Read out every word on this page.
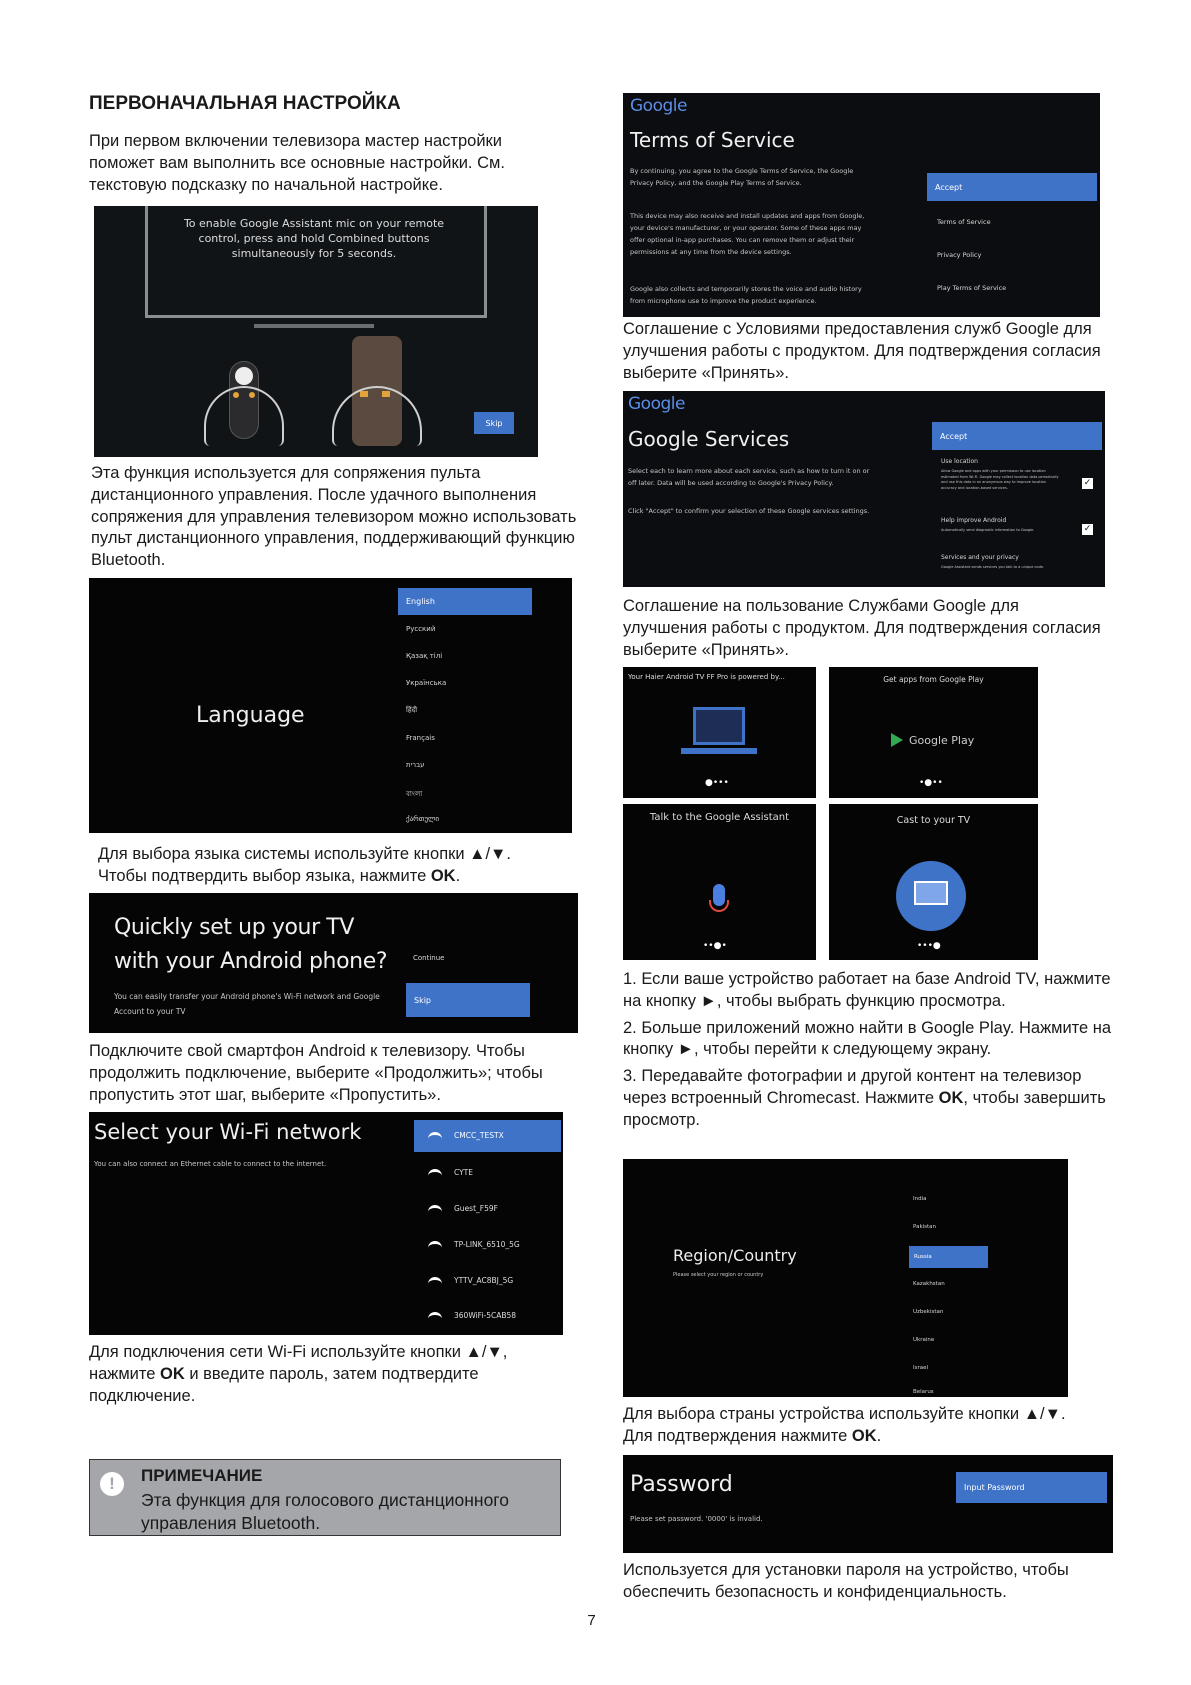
ПЕРВОНАЧАЛЬНАЯ НАСТРОЙКА
При первом включении телевизора мастер настройки поможет вам выполнить все основные настройки. См. текстовую подсказку по начальной настройке.
To enable Google Assistant mic on your remote control, press and hold Combined buttons simultaneously for 5 seconds.
Skip
Эта функция используется для сопряжения пульта дистанционного управления. После удачного выполнения сопряжения для управления телевизором можно использовать пульт дистанционного управления, поддерживающий функцию Bluetooth.
Language
English
Русский
Қазақ тілі
Українська
हिंदी
Français
עברית
বাংলা
ქართული
Для выбора языка системы используйте кнопки ▲/▼.
Чтобы подтвердить выбор языка, нажмите OK.
Quickly set up your TV with your Android phone?
You can easily transfer your Android phone's Wi-Fi network and Google Account to your TV
Continue
Skip
Подключите свой смартфон Android к телевизору. Чтобы продолжить подключение, выберите «Продолжить»; чтобы пропустить этот шаг, выберите «Пропустить».
Select your Wi-Fi network
You can also connect an Ethernet cable to connect to the internet.
CMCC_TESTX
CYTE
Guest_F59F
TP-LINK_6510_5G
YTTV_AC8BJ_5G
360WiFi-5CAB58
Для подключения сети Wi-Fi используйте кнопки ▲/▼, нажмите OK и введите пароль, затем подтвердите подключение.
!	ПРИМЕЧАНИЕ
Эта функция для голосового дистанционного управления Bluetooth.
Google
Terms of Service
By continuing, you agree to the Google Terms of Service, the Google Privacy Policy, and the Google Play Terms of Service.
This device may also receive and install updates and apps from Google, your device's manufacturer, or your operator. Some of these apps may offer optional in-app purchases. You can remove them or adjust their permissions at any time from the device settings.
Google also collects and temporarily stores the voice and audio history from microphone use to improve the product experience.
Accept
Terms of Service
Privacy Policy
Play Terms of Service
Соглашение с Условиями предоставления служб Google для улучшения работы с продуктом. Для подтверждения согласия выберите «Принять».
Google
Google Services
Select each to learn more about each service, such as how to turn it on or off later. Data will be used according to Google's Privacy Policy.
Click "Accept" to confirm your selection of these Google services settings.
Accept
Use location
Allow Google and apps with your permission to use location estimated from Wi-Fi. Google may collect location data periodically and use this data in an anonymous way to improve location accuracy and location-based services.	✓
Help improve Android
Automatically send diagnostic information to Google.	✓
Services and your privacy
Google Assistant sends services you talk to a unique code.
Соглашение на пользование Службами Google для улучшения работы с продуктом. Для подтверждения согласия выберите «Принять».
Your Haier Android TV FF Pro is powered by...
●•••
Get apps from Google Play
Google Play
•●••
Talk to the Google Assistant
••●•
Cast to your TV
•••●
1. Если ваше устройство работает на базе Android TV, нажмите на кнопку ►, чтобы выбрать функцию просмотра.
2. Больше приложений можно найти в Google Play. Нажмите на кнопку ►, чтобы перейти к следующему экрану.
3. Передавайте фотографии и другой контент на телевизор через встроенный Chromecast. Нажмите OK, чтобы завершить просмотр.
Region/Country
Please select your region or country
India
Pakistan
Russia
Kazakhstan
Uzbekistan
Ukraine
Israel
Belarus
Для выбора страны устройства используйте кнопки ▲/▼.
Для подтверждения нажмите OK.
Password
Please set password. '0000' is invalid.
Input Password
Используется для установки пароля на устройство, чтобы обеспечить безопасность и конфиденциальность.
7
